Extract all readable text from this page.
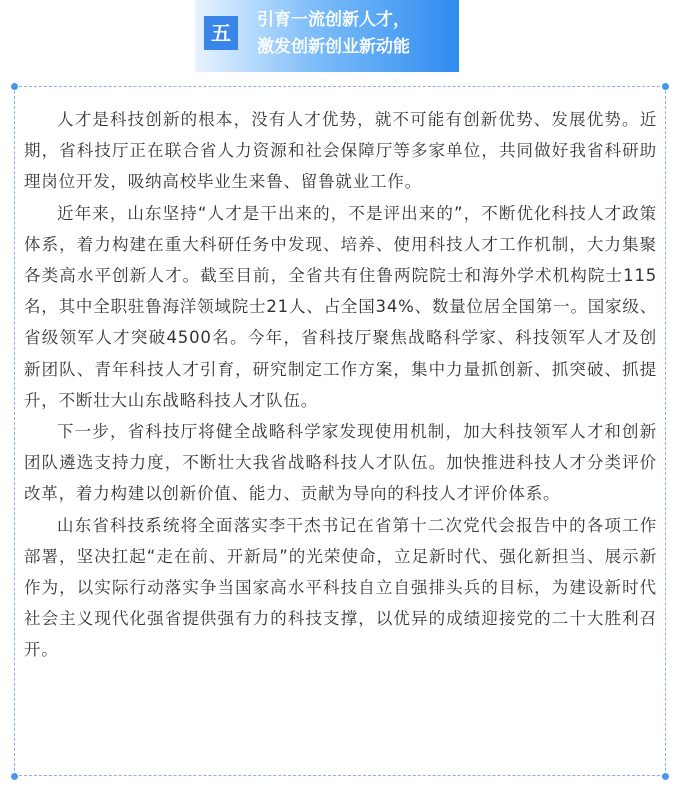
五
引育一流创新人才，
激发创新创业新动能

人才是科技创新的根本，没有人才优势，就不可能有创新优势、发展优势。近期，省科技厅正在联合省人力资源和社会保障厅等多家单位，共同做好我省科研助理岗位开发，吸纳高校毕业生来鲁、留鲁就业工作。

近年来，山东坚持“人才是干出来的，不是评出来的”，不断优化科技人才政策体系，着力构建在重大科研任务中发现、培养、使用科技人才工作机制，大力集聚各类高水平创新人才。截至目前，全省共有住鲁两院院士和海外学术机构院士115名，其中全职驻鲁海洋领域院士21人、占全国34%、数量位居全国第一。国家级、省级领军人才突破4500名。今年，省科技厅聚焦战略科学家、科技领军人才及创新团队、青年科技人才引育，研究制定工作方案，集中力量抓创新、抓突破、抓提升，不断壮大山东战略科技人才队伍。

下一步，省科技厅将健全战略科学家发现使用机制，加大科技领军人才和创新团队遴选支持力度，不断壮大我省战略科技人才队伍。加快推进科技人才分类评价改革，着力构建以创新价值、能力、贡献为导向的科技人才评价体系。

山东省科技系统将全面落实李干杰书记在省第十二次党代会报告中的各项工作部署，坚决扛起“走在前、开新局”的光荣使命，立足新时代、强化新担当、展示新作为，以实际行动落实争当国家高水平科技自立自强排头兵的目标，为建设新时代社会主义现代化强省提供强有力的科技支撑，以优异的成绩迎接党的二十大胜利召开。
